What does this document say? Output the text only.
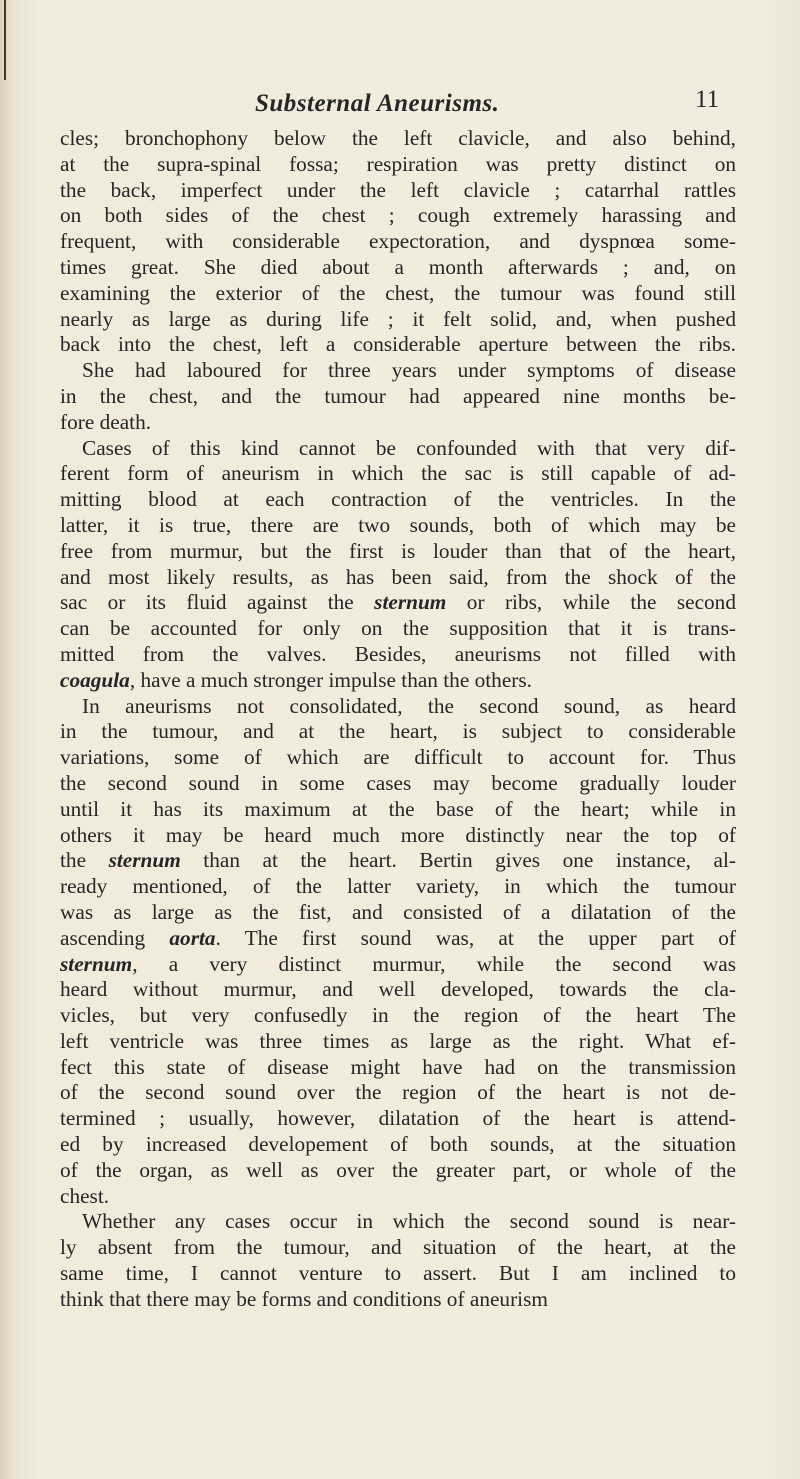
Substernal Aneurisms.	11
cles; bronchophony below the left clavicle, and also behind,
at the supra-spinal fossa; respiration was pretty distinct on
the back, imperfect under the left clavicle ; catarrhal rattles
on both sides of the chest ; cough extremely harassing and
frequent, with considerable expectoration, and dyspnœa some-
times great. She died about a month afterwards ; and, on
examining the exterior of the chest, the tumour was found still
nearly as large as during life ; it felt solid, and, when pushed
back into the chest, left a considerable aperture between the ribs.
She had laboured for three years under symptoms of disease
in the chest, and the tumour had appeared nine months be-
fore death.
Cases of this kind cannot be confounded with that very dif-
ferent form of aneurism in which the sac is still capable of ad-
mitting blood at each contraction of the ventricles. In the
latter, it is true, there are two sounds, both of which may be
free from murmur, but the first is louder than that of the heart,
and most likely results, as has been said, from the shock of the
sac or its fluid against the sternum or ribs, while the second
can be accounted for only on the supposition that it is trans-
mitted from the valves. Besides, aneurisms not filled with
coagula, have a much stronger impulse than the others.
In aneurisms not consolidated, the second sound, as heard
in the tumour, and at the heart, is subject to considerable
variations, some of which are difficult to account for. Thus
the second sound in some cases may become gradually louder
until it has its maximum at the base of the heart; while in
others it may be heard much more distinctly near the top of
the sternum than at the heart. Bertin gives one instance, al-
ready mentioned, of the latter variety, in which the tumour
was as large as the fist, and consisted of a dilatation of the
ascending aorta. The first sound was, at the upper part of
sternum, a very distinct murmur, while the second was
heard without murmur, and well developed, towards the cla-
vicles, but very confusedly in the region of the heart The
left ventricle was three times as large as the right. What ef-
fect this state of disease might have had on the transmission
of the second sound over the region of the heart is not de-
termined ; usually, however, dilatation of the heart is attend-
ed by increased developement of both sounds, at the situation
of the organ, as well as over the greater part, or whole of the
chest.
Whether any cases occur in which the second sound is near-
ly absent from the tumour, and situation of the heart, at the
same time, I cannot venture to assert. But I am inclined to
think that there may be forms and conditions of aneurism
